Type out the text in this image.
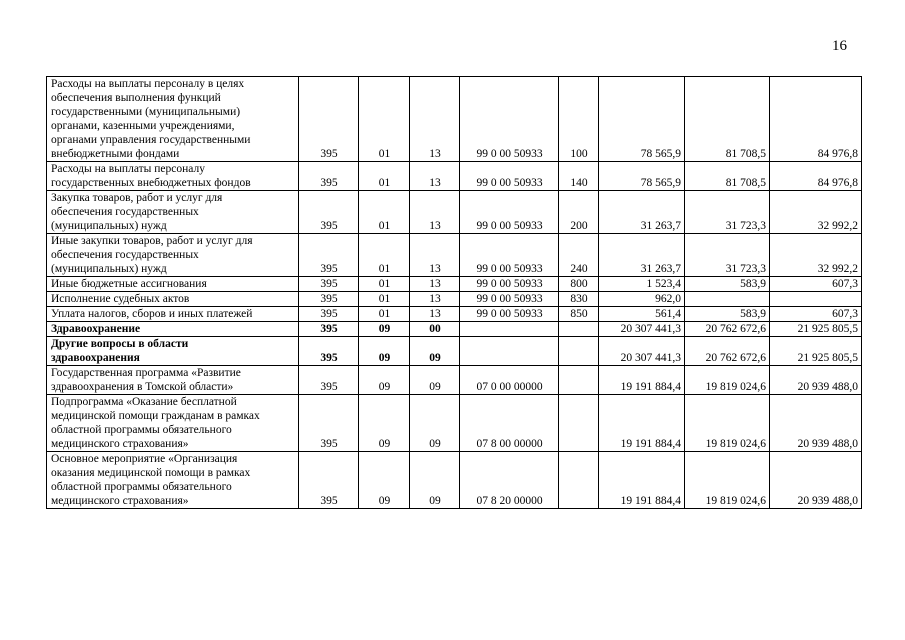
16
Расходы на выплаты персоналу в целях обеспечения выполнения функций государственными (муниципальными) органами, казенными учреждениями, органами управления государственными внебюджетными фондами	395	01	13	99 0 00 50933	100	78 565,9	81 708,5	84 976,8
Расходы на выплаты персоналу государственных внебюджетных фондов	395	01	13	99 0 00 50933	140	78 565,9	81 708,5	84 976,8
Закупка товаров, работ и услуг для обеспечения государственных (муниципальных) нужд	395	01	13	99 0 00 50933	200	31 263,7	31 723,3	32 992,2
Иные закупки товаров, работ и услуг для обеспечения государственных (муниципальных) нужд	395	01	13	99 0 00 50933	240	31 263,7	31 723,3	32 992,2
Иные бюджетные ассигнования	395	01	13	99 0 00 50933	800	1 523,4	583,9	607,3
Исполнение судебных актов	395	01	13	99 0 00 50933	830	962,0		
Уплата налогов, сборов и иных платежей	395	01	13	99 0 00 50933	850	561,4	583,9	607,3
Здравоохранение	395	09	00			20 307 441,3	20 762 672,6	21 925 805,5
Другие вопросы в области здравоохранения	395	09	09			20 307 441,3	20 762 672,6	21 925 805,5
Государственная программа «Развитие здравоохранения в Томской области»	395	09	09	07 0 00 00000		19 191 884,4	19 819 024,6	20 939 488,0
Подпрограмма «Оказание бесплатной медицинской помощи гражданам в рамках областной программы обязательного медицинского страхования»	395	09	09	07 8 00 00000		19 191 884,4	19 819 024,6	20 939 488,0
Основное мероприятие «Организация оказания медицинской помощи в рамках областной программы обязательного медицинского страхования»	395	09	09	07 8 20 00000		19 191 884,4	19 819 024,6	20 939 488,0
